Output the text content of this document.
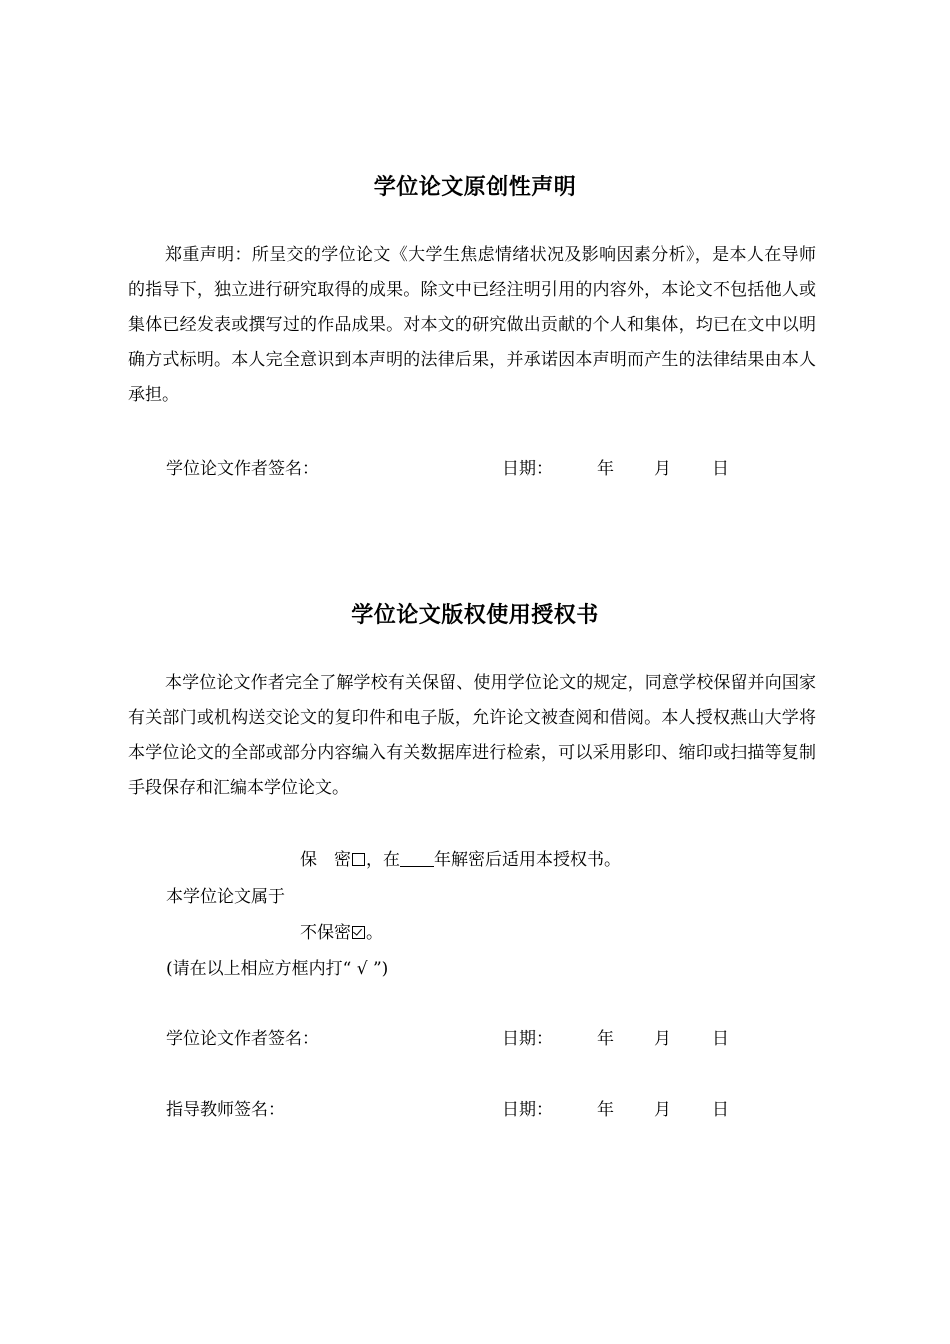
学位论文原创性声明
郑重声明：所呈交的学位论文《大学生焦虑情绪状况及影响因素分析》，是本人在导师的指导下，独立进行研究取得的成果。除文中已经注明引用的内容外，本论文不包括他人或集体已经发表或撰写过的作品成果。对本文的研究做出贡献的个人和集体，均已在文中以明确方式标明。本人完全意识到本声明的法律后果，并承诺因本声明而产生的法律结果由本人承担。
学位论文作者签名：	日期：	年 月 日
学位论文版权使用授权书
本学位论文作者完全了解学校有关保留、使用学位论文的规定，同意学校保留并向国家有关部门或机构送交论文的复印件和电子版，允许论文被查阅和借阅。本人授权燕山大学将本学位论文的全部或部分内容编入有关数据库进行检索，可以采用影印、缩印或扫描等复制手段保存和汇编本学位论文。
保　密 ，在 年解密后适用本授权书。
本学位论文属于
不保密 。
(请在以上相应方框内打“ √ ”)
学位论文作者签名：	日期：	年 月 日
指导教师签名：	日期：	年 月 日
